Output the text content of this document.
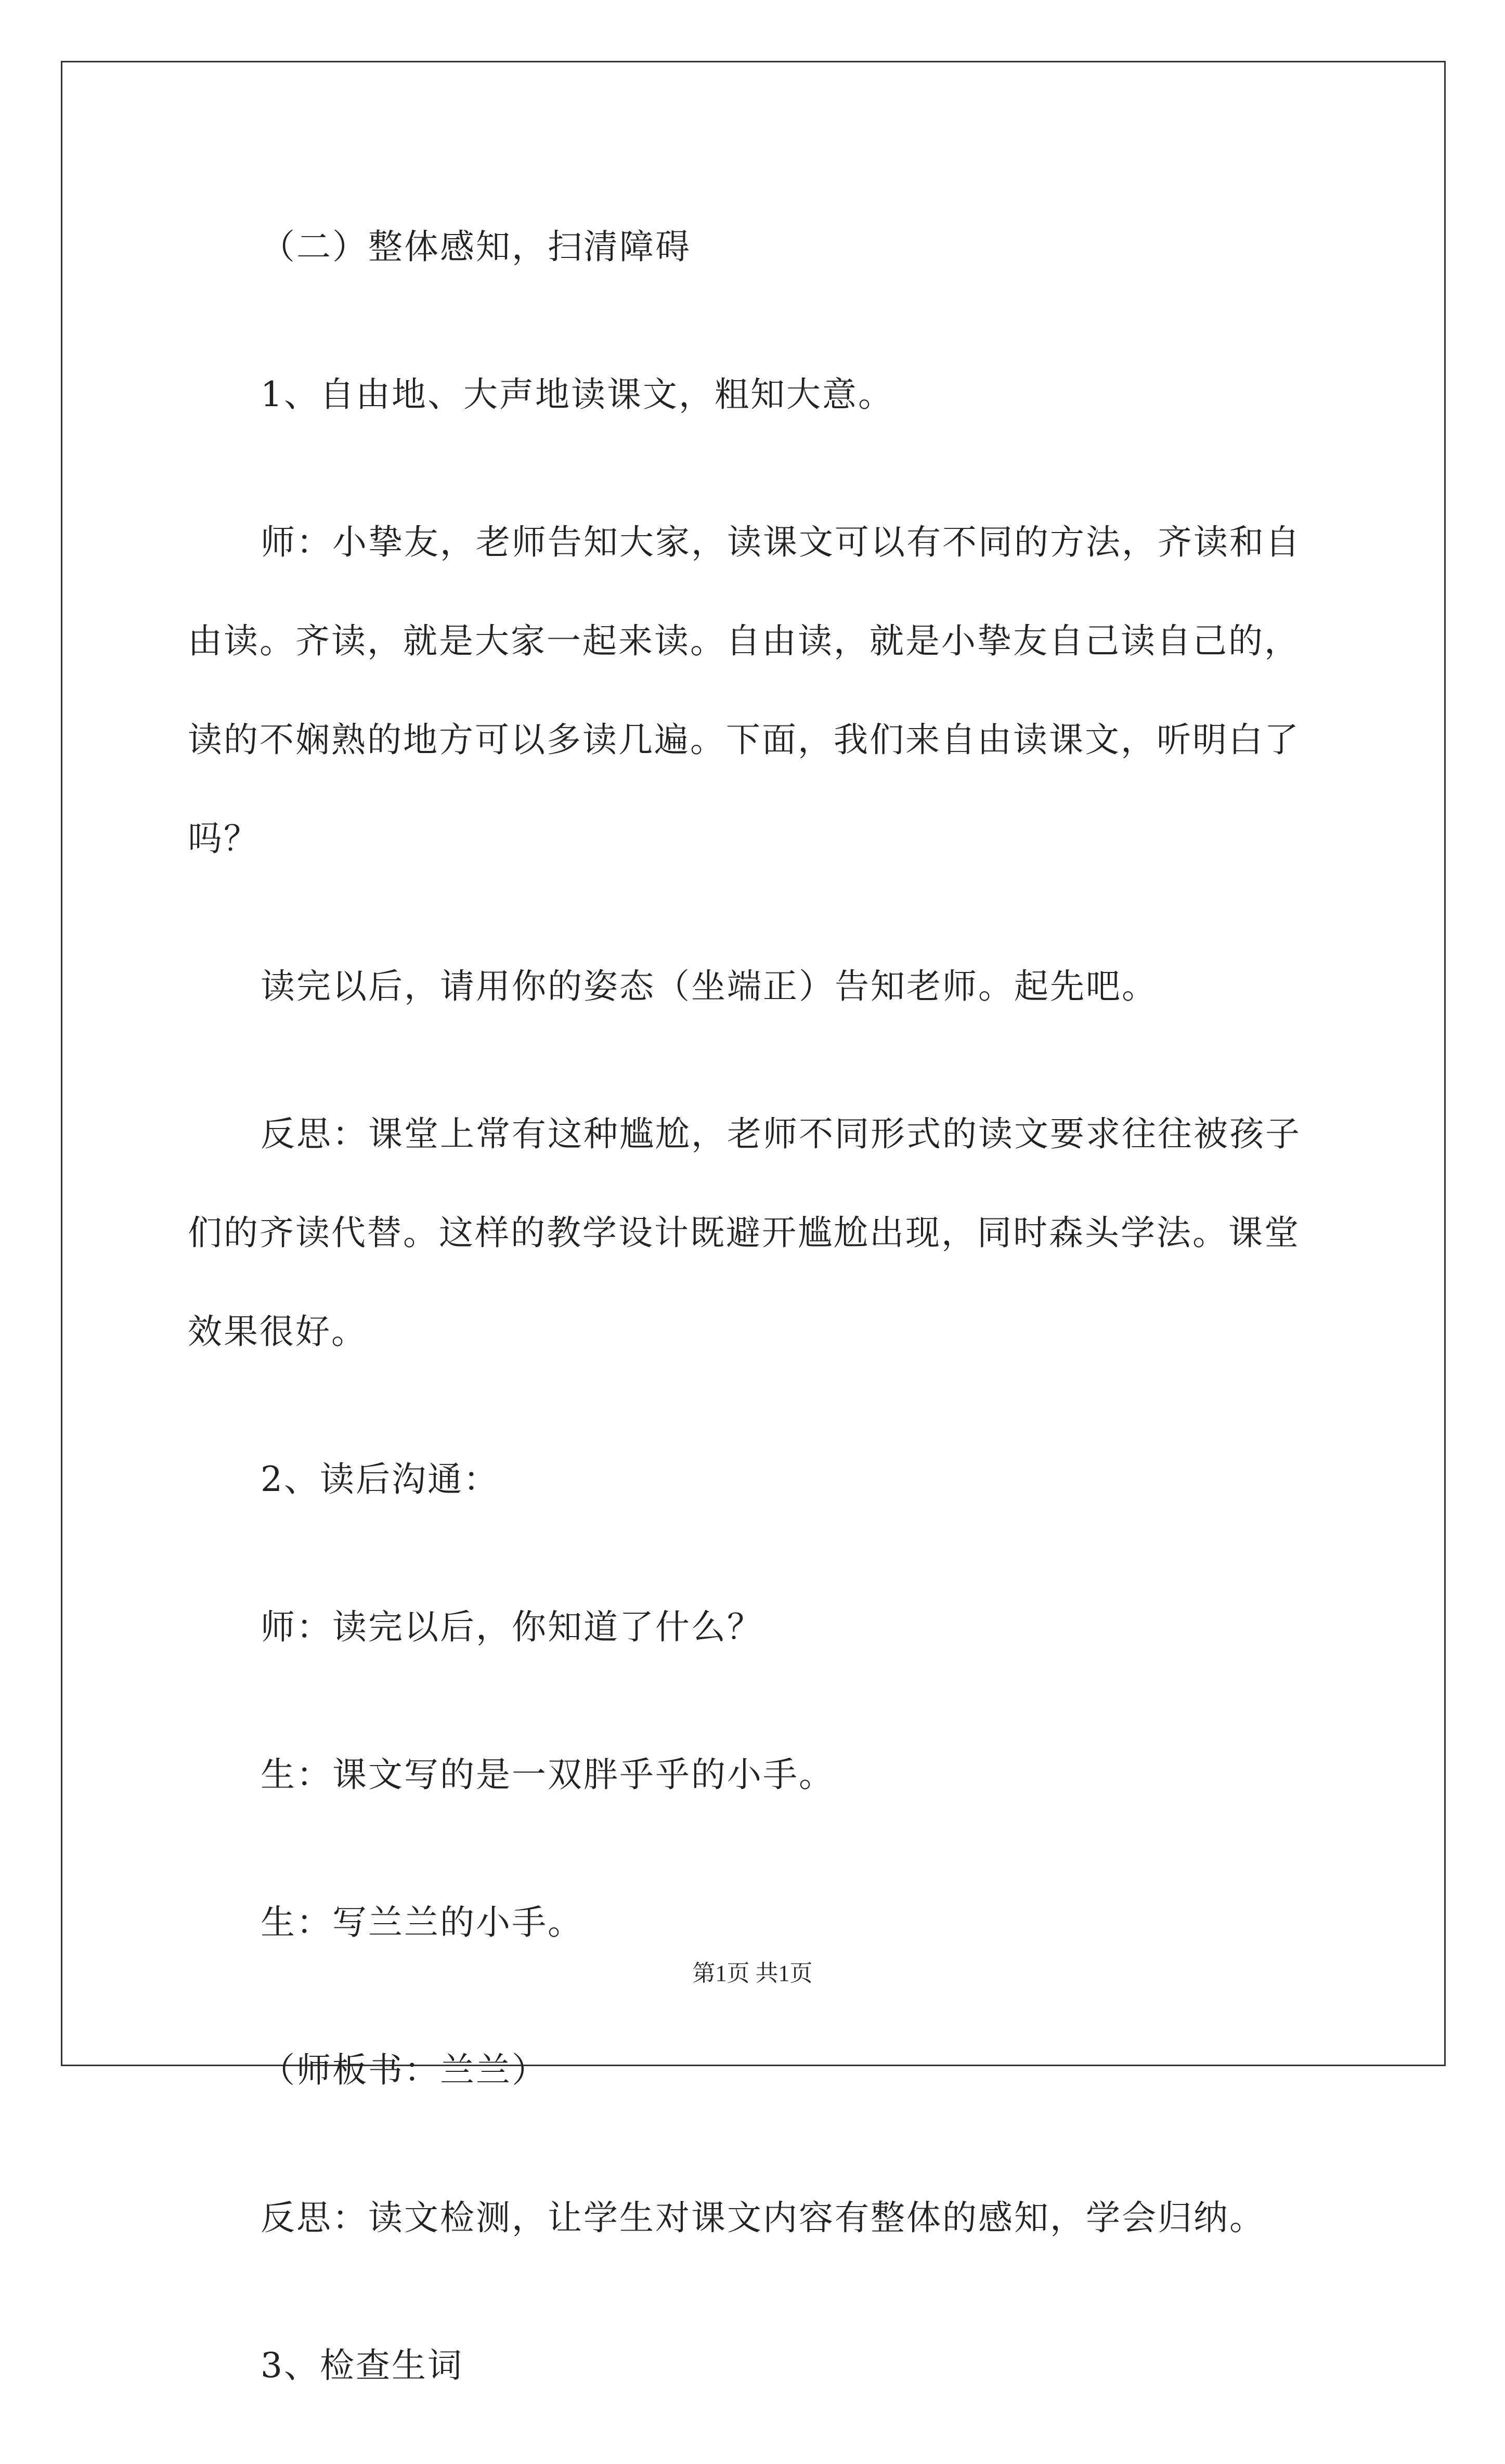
（二）整体感知，扫清障碍

1、自由地、大声地读课文，粗知大意。

师：小挚友，老师告知大家，读课文可以有不同的方法，齐读和自由读。齐读，就是大家一起来读。自由读，就是小挚友自己读自己的，读的不娴熟的地方可以多读几遍。下面，我们来自由读课文，听明白了吗？

读完以后，请用你的姿态（坐端正）告知老师。起先吧。

反思：课堂上常有这种尴尬，老师不同形式的读文要求往往被孩子们的齐读代替。这样的教学设计既避开尴尬出现，同时森头学法。课堂效果很好。

2、读后沟通：

师：读完以后，你知道了什么？

生：课文写的是一双胖乎乎的小手。

生：写兰兰的小手。

（师板书：兰兰）

反思：读文检测，让学生对课文内容有整体的感知，学会归纳。

3、检查生词

第1页 共1页
